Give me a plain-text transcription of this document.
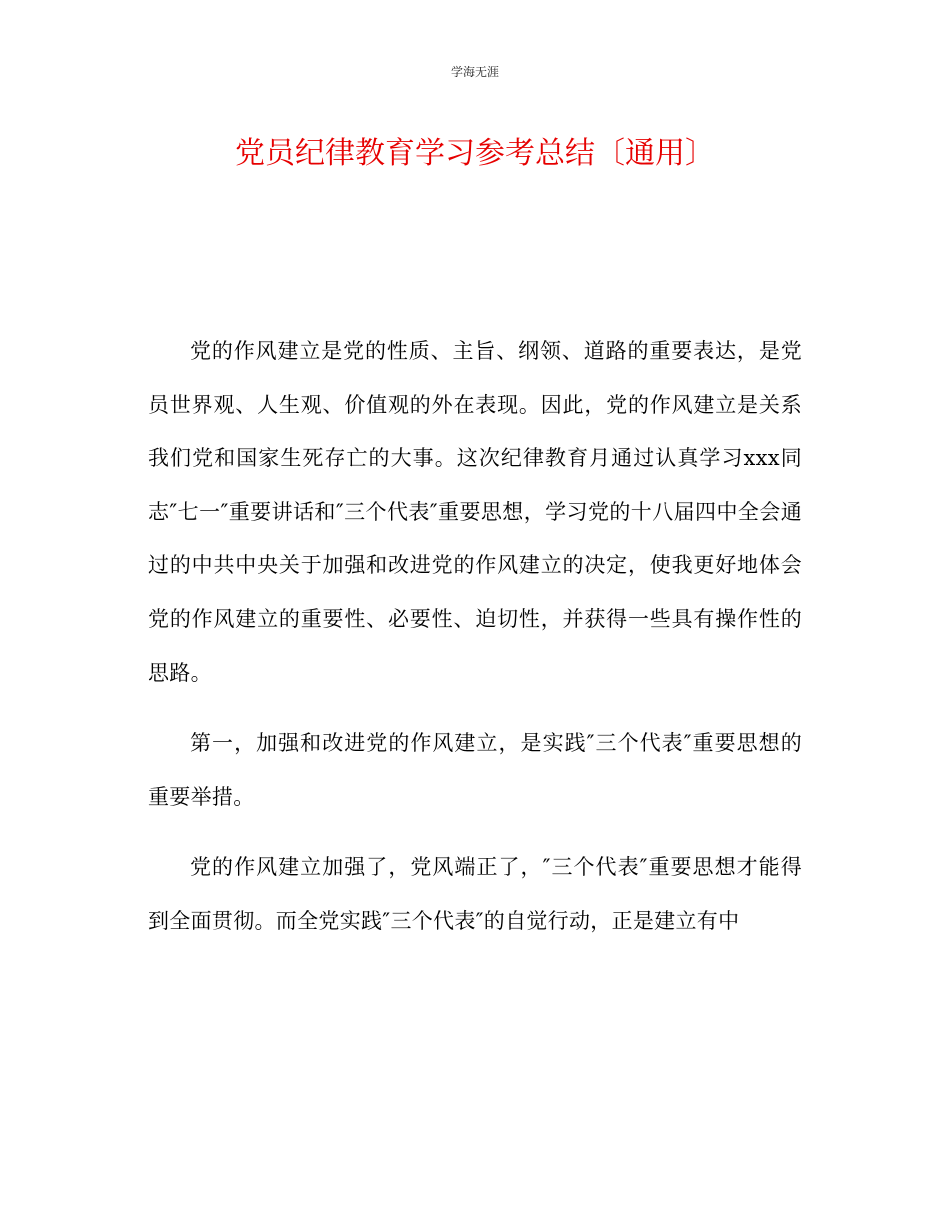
学海无涯
党员纪律教育学习参考总结〔通用〕

党的作风建立是党的性质、主旨、纲领、道路的重要表达，是党员世界观、人生观、价值观的外在表现。因此，党的作风建立是关系我们党和国家生死存亡的大事。这次纪律教育月通过认真学习xxx同志″七一″重要讲话和″三个代表″重要思想，学习党的十八届四中全会通过的中共中央关于加强和改进党的作风建立的决定，使我更好地体会党的作风建立的重要性、必要性、迫切性，并获得一些具有操作性的思路。

第一，加强和改进党的作风建立，是实践″三个代表″重要思想的重要举措。

党的作风建立加强了，党风端正了，″三个代表″重要思想才能得到全面贯彻。而全党实践″三个代表″的自觉行动，正是建立有中
